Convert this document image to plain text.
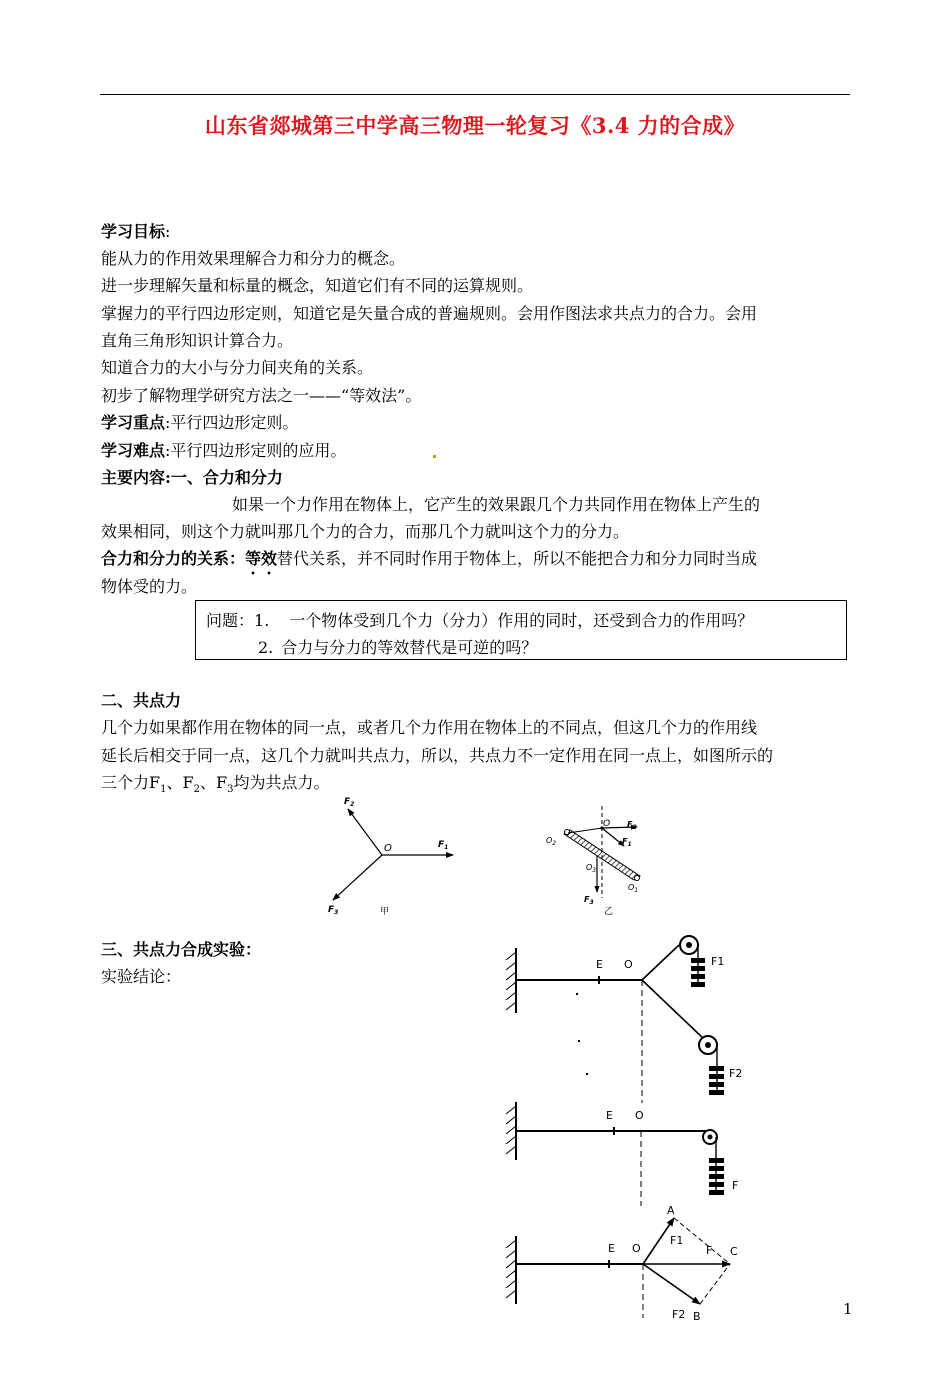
山东省郯城第三中学高三物理一轮复习《3.4 力的合成》
学习目标:
能从力的作用效果理解合力和分力的概念。
进一步理解矢量和标量的概念，知道它们有不同的运算规则。
掌握力的平行四边形定则，知道它是矢量合成的普遍规则。会用作图法求共点力的合力。会用
直角三角形知识计算合力。
知道合力的大小与分力间夹角的关系。
初步了解物理学研究方法之一——“等效法”。
学习重点:平行四边形定则。
学习难点:平行四边形定则的应用。
主要内容:一、合力和分力
如果一个力作用在物体上，它产生的效果跟几个力共同作用在物体上产生的
效果相同，则这个力就叫那几个力的合力，而那几个力就叫这个力的分力。
合力和分力的关系：等效替代关系，并不同时作用于物体上，所以不能把合力和分力同时当成
物体受的力。
问题：1. 一个物体受到几个力（分力）作用的同时，还受到合力的作用吗？
2. 合力与分力的等效替代是可逆的吗？
二、共点力
几个力如果都作用在物体的同一点，或者几个力作用在物体上的不同点，但这几个力的作用线
延长后相交于同一点，这几个力就叫共点力，所以，共点力不一定作用在同一点上，如图所示的
三个力$F_1$、$F_2$、$F_3$均为共点力。
O	$F_1$
$F_2$
$F_3$	甲
O $F_2$
$F_1$
$O_2$
$O_3$
$O_1$
$F_3$
乙
三、共点力合成实验：
实验结论：
E O	F1
F2
E O
F
E O
A
F1
F C
F2 B	1
